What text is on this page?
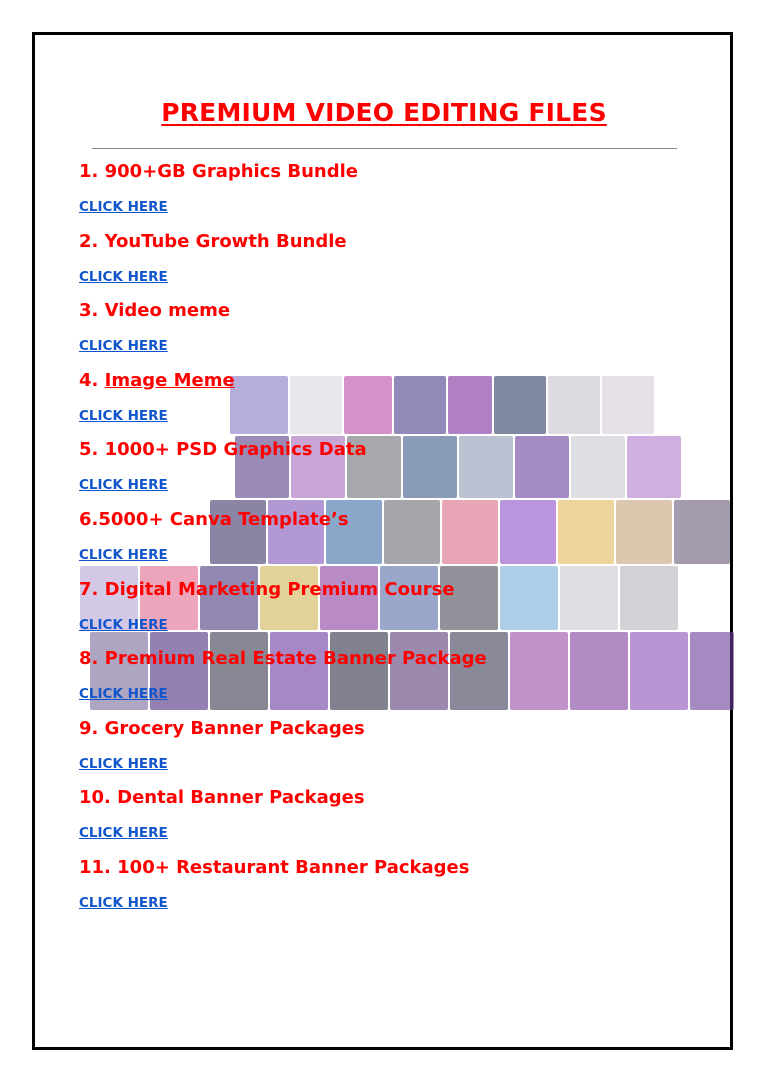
PREMIUM VIDEO EDITING FILES
1. 900+GB Graphics Bundle
CLICK HERE
2. YouTube Growth Bundle
CLICK HERE
3. Video meme
CLICK HERE
4. Image Meme
CLICK HERE
5. 1000+ PSD Graphics Data
CLICK HERE
6.5000+ Canva Template’s
CLICK HERE
7. Digital Marketing Premium Course
CLICK HERE
8. Premium Real Estate Banner Package
CLICK HERE
9. Grocery Banner Packages
CLICK HERE
10. Dental Banner Packages
CLICK HERE
11. 100+ Restaurant Banner Packages
CLICK HERE
